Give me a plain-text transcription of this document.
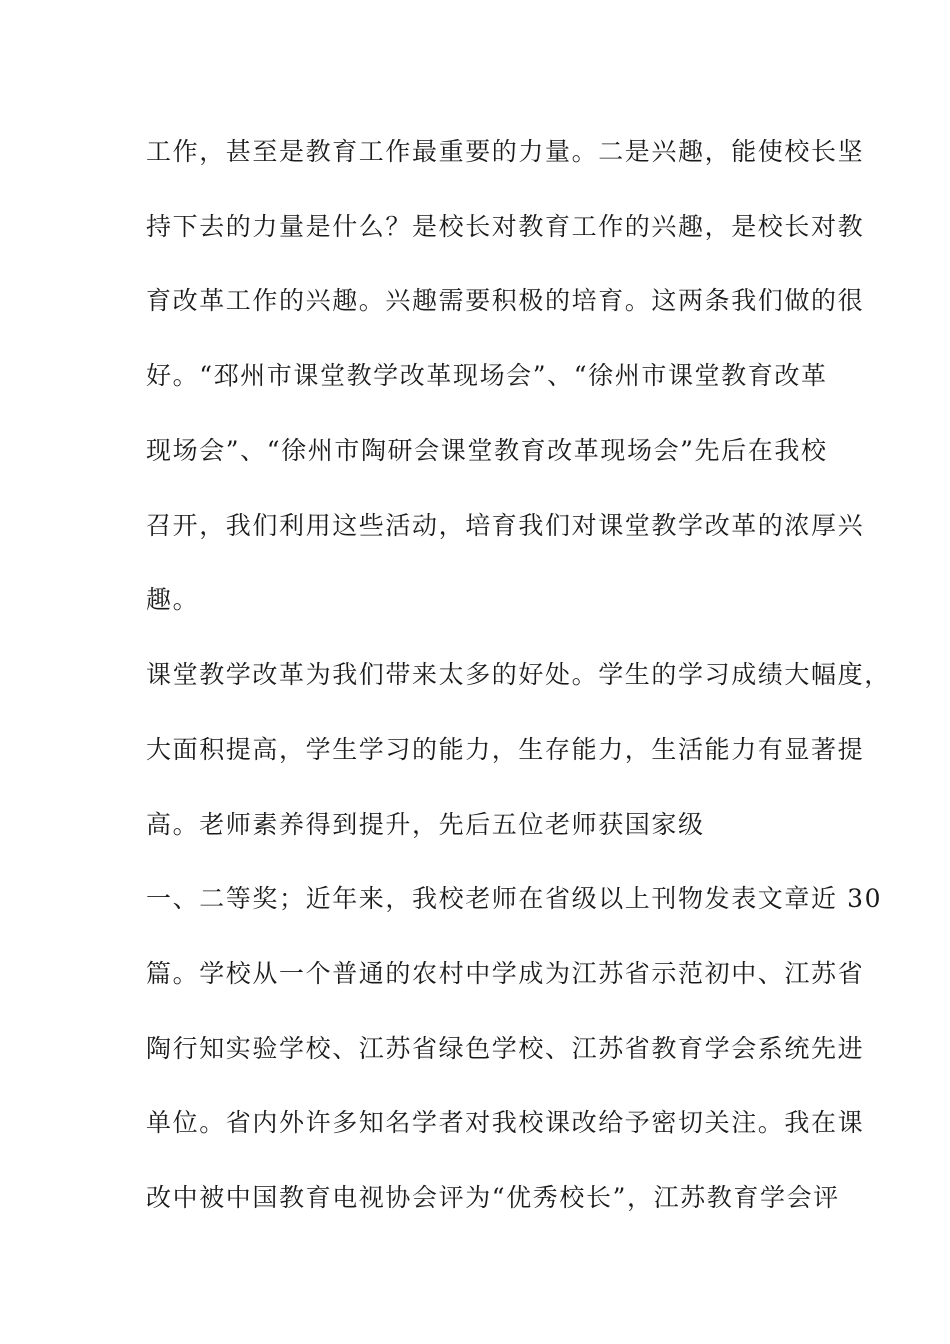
工作，甚至是教育工作最重要的力量。二是兴趣，能使校长坚
持下去的力量是什么？是校长对教育工作的兴趣，是校长对教
育改革工作的兴趣。兴趣需要积极的培育。这两条我们做的很
好。“邳州市课堂教学改革现场会”、“徐州市课堂教育改革
现场会”、“徐州市陶研会课堂教育改革现场会”先后在我校
召开，我们利用这些活动，培育我们对课堂教学改革的浓厚兴
趣。
课堂教学改革为我们带来太多的好处。学生的学习成绩大幅度，
大面积提高，学生学习的能力，生存能力，生活能力有显著提
高。老师素养得到提升，先后五位老师获国家级
一、二等奖；近年来，我校老师在省级以上刊物发表文章近 30
篇。学校从一个普通的农村中学成为江苏省示范初中、江苏省
陶行知实验学校、江苏省绿色学校、江苏省教育学会系统先进
单位。省内外许多知名学者对我校课改给予密切关注。我在课
改中被中国教育电视协会评为“优秀校长”，江苏教育学会评
